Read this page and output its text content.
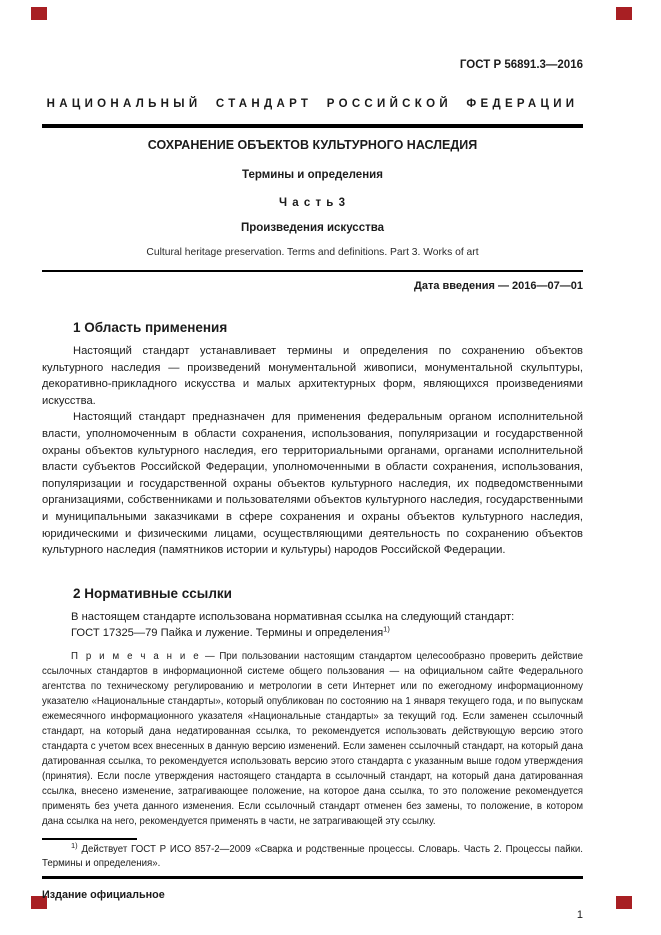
ГОСТ Р 56891.3—2016
НАЦИОНАЛЬНЫЙ СТАНДАРТ РОССИЙСКОЙ ФЕДЕРАЦИИ
СОХРАНЕНИЕ ОБЪЕКТОВ КУЛЬТУРНОГО НАСЛЕДИЯ
Термины и определения
Ч а с т ь 3
Произведения искусства
Cultural heritage preservation. Terms and definitions. Part 3. Works of art
Дата введения — 2016—07—01
1 Область применения

Настоящий стандарт устанавливает термины и определения по сохранению объектов культурного наследия — произведений монументальной живописи, монументальной скульптуры, декоративно-прикладного искусства и малых архитектурных форм, являющихся произведениями искусства.

Настоящий стандарт предназначен для применения федеральным органом исполнительной власти, уполномоченным в области сохранения, использования, популяризации и государственной охраны объектов культурного наследия, его территориальными органами, органами исполнительной власти субъектов Российской Федерации, уполномоченными в области сохранения, использования, популяризации и государственной охраны объектов культурного наследия, их подведомственными организациями, собственниками и пользователями объектов культурного наследия, государственными и муниципальными заказчиками в сфере сохранения и охраны объектов культурного наследия, юридическими и физическими лицами, осуществляющими деятельность по сохранению объектов культурного наследия (памятников истории и культуры) народов Российской Федерации.

2 Нормативные ссылки
В настоящем стандарте использована нормативная ссылка на следующий стандарт:
ГОСТ 17325—79 Пайка и лужение. Термины и определения$^{1)}$
П р и м е ч а н и е — При пользовании настоящим стандартом целесообразно проверить действие ссылочных стандартов в информационной системе общего пользования — на официальном сайте Федерального агентства по техническому регулированию и метрологии в сети Интернет или по ежегодному информационному указателю «Национальные стандарты», который опубликован по состоянию на 1 января текущего года, и по выпускам ежемесячного информационного указателя «Национальные стандарты» за текущий год. Если заменен ссылочный стандарт, на который дана недатированная ссылка, то рекомендуется использовать действующую версию этого стандарта с учетом всех внесенных в данную версию изменений. Если заменен ссылочный стандарт, на который дана датированная ссылка, то рекомендуется использовать версию этого стандарта с указанным выше годом утверждения (принятия). Если после утверждения настоящего стандарта в ссылочный стандарт, на который дана датированная ссылка, внесено изменение, затрагивающее положение, на которое дана ссылка, то это положение рекомендуется применять без учета данного изменения. Если ссылочный стандарт отменен без замены, то положение, в котором дана ссылка на него, рекомендуется применять в части, не затрагивающей эту ссылку.
$^{1)}$ Действует ГОСТ Р ИСО 857-2—2009 «Сварка и родственные процессы. Словарь. Часть 2. Процессы пайки. Термины и определения».
Издание официальное
1
